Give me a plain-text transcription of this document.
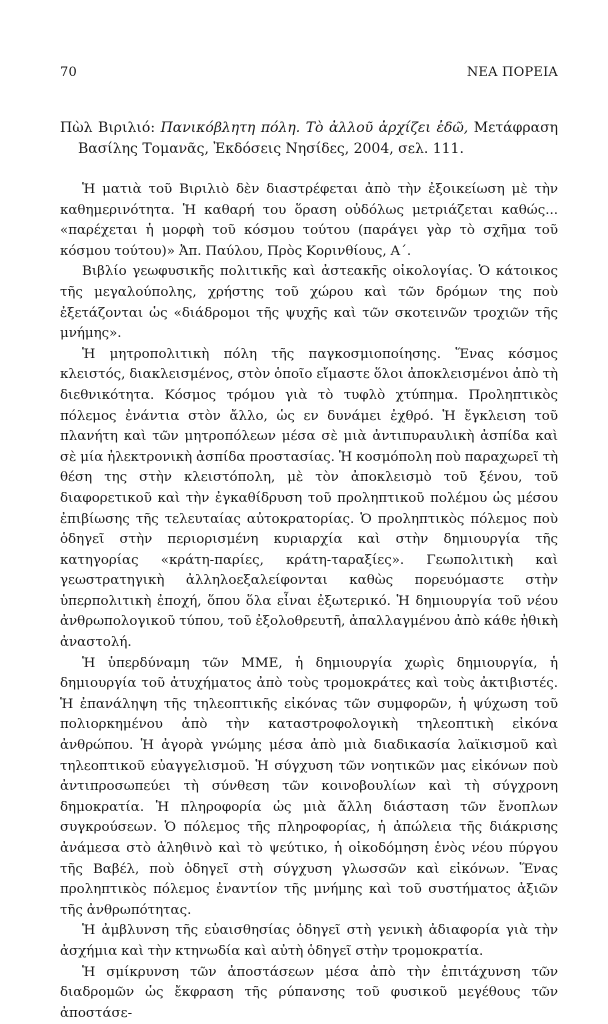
70	ΝΕΑ ΠΟΡΕΙΑ
Πὼλ Βιριλιό: Πανικόβλητη πόλη. Τὸ ἀλλοῦ ἀρχίζει ἐδῶ, Μετάφραση Βασίλης Τομανᾶς, Ἐκδόσεις Νησίδες, 2004, σελ. 111.

Ἡ ματιὰ τοῦ Βιριλιὸ δὲν διαστρέφεται ἀπὸ τὴν ἐξοικείωση μὲ τὴν καθημερινότητα. Ἡ καθαρή του ὅραση οὐδόλως μετριάζεται καθώς... «παρέχεται ἡ μορφὴ τοῦ κόσμου τούτου (παράγει γὰρ τὸ σχῆμα τοῦ κόσμου τούτου)» Ἀπ. Παύλου, Πρὸς Κορινθίους, Α΄.

Βιβλίο γεωφυσικῆς πολιτικῆς καὶ ἀστεακῆς οἰκολογίας. Ὁ κάτοικος τῆς μεγαλούπολης, χρήστης τοῦ χώρου καὶ τῶν δρόμων της ποὺ ἐξετάζονται ὡς «διάδρομοι τῆς ψυχῆς καὶ τῶν σκοτεινῶν τροχιῶν τῆς μνήμης».

Ἡ μητροπολιτικὴ πόλη τῆς παγκοσμιοποίησης. Ἕνας κόσμος κλειστός, διακλεισμένος, στὸν ὁποῖο εἴμαστε ὅλοι ἀποκλεισμένοι ἀπὸ τὴ διεθνικότητα. Κόσμος τρόμου γιὰ τὸ τυφλὸ χτύπημα. Προληπτικὸς πόλεμος ἐνάντια στὸν ἄλλο, ὡς εν δυνάμει ἐχθρό. Ἡ ἔγκλειση τοῦ πλανήτη καὶ τῶν μητροπόλεων μέσα σὲ μιὰ ἀντιπυραυλικὴ ἀσπίδα καὶ σὲ μία ἠλεκτρονικὴ ἀσπίδα προστασίας. Ἡ κοσμόπολη ποὺ παραχωρεῖ τὴ θέση της στὴν κλειστόπολη, μὲ τὸν ἀποκλεισμὸ τοῦ ξένου, τοῦ διαφορετικοῦ καὶ τὴν ἐγκαθίδρυση τοῦ προληπτικοῦ πολέμου ὡς μέσου ἐπιβίωσης τῆς τελευταίας αὐτοκρατορίας. Ὁ προληπτικὸς πόλεμος ποὺ ὁδηγεῖ στὴν περιορισμένη κυριαρχία καὶ στὴν δημιουργία τῆς κατηγορίας «κράτη-παρίες, κράτη-ταραξίες». Γεωπολιτικὴ καὶ γεωστρατηγικὴ ἀλληλοεξαλείφονται καθὼς πορευόμαστε στὴν ὑπερπολιτικὴ ἐποχή, ὅπου ὅλα εἶναι ἐξωτερικό. Ἡ δημιουργία τοῦ νέου ἀνθρωπολογικοῦ τύπου, τοῦ ἐξολοθρευτῆ, ἀπαλλαγμένου ἀπὸ κάθε ἠθικὴ ἀναστολή.

Ἡ ὑπερδύναμη τῶν ΜΜΕ, ἡ δημιουργία χωρὶς δημιουργία, ἡ δημιουργία τοῦ ἀτυχήματος ἀπὸ τοὺς τρομοκράτες καὶ τοὺς ἀκτιβιστές. Ἡ ἐπανάληψη τῆς τηλεοπτικῆς εἰκόνας τῶν συμφορῶν, ἡ ψύχωση τοῦ πολιορκημένου ἀπὸ τὴν καταστροφολογικὴ τηλεοπτικὴ εἰκόνα ἀνθρώπου. Ἡ ἀγορὰ γνώμης μέσα ἀπὸ μιὰ διαδικασία λαϊκισμοῦ καὶ τηλεοπτικοῦ εὐαγγελισμοῦ. Ἡ σύγχυση τῶν νοητικῶν μας εἰκόνων ποὺ ἀντιπροσωπεύει τὴ σύνθεση τῶν κοινοβουλίων καὶ τὴ σύγχρονη δημοκρατία. Ἡ πληροφορία ὡς μιὰ ἄλλη διάσταση τῶν ἔνοπλων συγκρούσεων. Ὁ πόλεμος τῆς πληροφορίας, ἡ ἀπώλεια τῆς διάκρισης ἀνάμεσα στὸ ἀληθινὸ καὶ τὸ ψεύτικο, ἡ οἰκοδόμηση ἑνὸς νέου πύργου τῆς Βαβέλ, ποὺ ὁδηγεῖ στὴ σύγχυση γλωσσῶν καὶ εἰκόνων. Ἕνας προληπτικὸς πόλεμος ἐναντίον τῆς μνήμης καὶ τοῦ συστήματος ἀξιῶν τῆς ἀνθρωπότητας.

Ἡ ἀμβλυνση τῆς εὐαισθησίας ὁδηγεῖ στὴ γενικὴ ἀδιαφορία γιὰ τὴν ἀσχήμια καὶ τὴν κτηνωδία καὶ αὐτὴ ὁδηγεῖ στὴν τρομοκρατία.

Ἡ σμίκρυνση τῶν ἀποστάσεων μέσα ἀπὸ τὴν ἐπιτάχυνση τῶν διαδρομῶν ὡς ἔκφραση τῆς ρύπανσης τοῦ φυσικοῦ μεγέθους τῶν ἀποστάσε-
